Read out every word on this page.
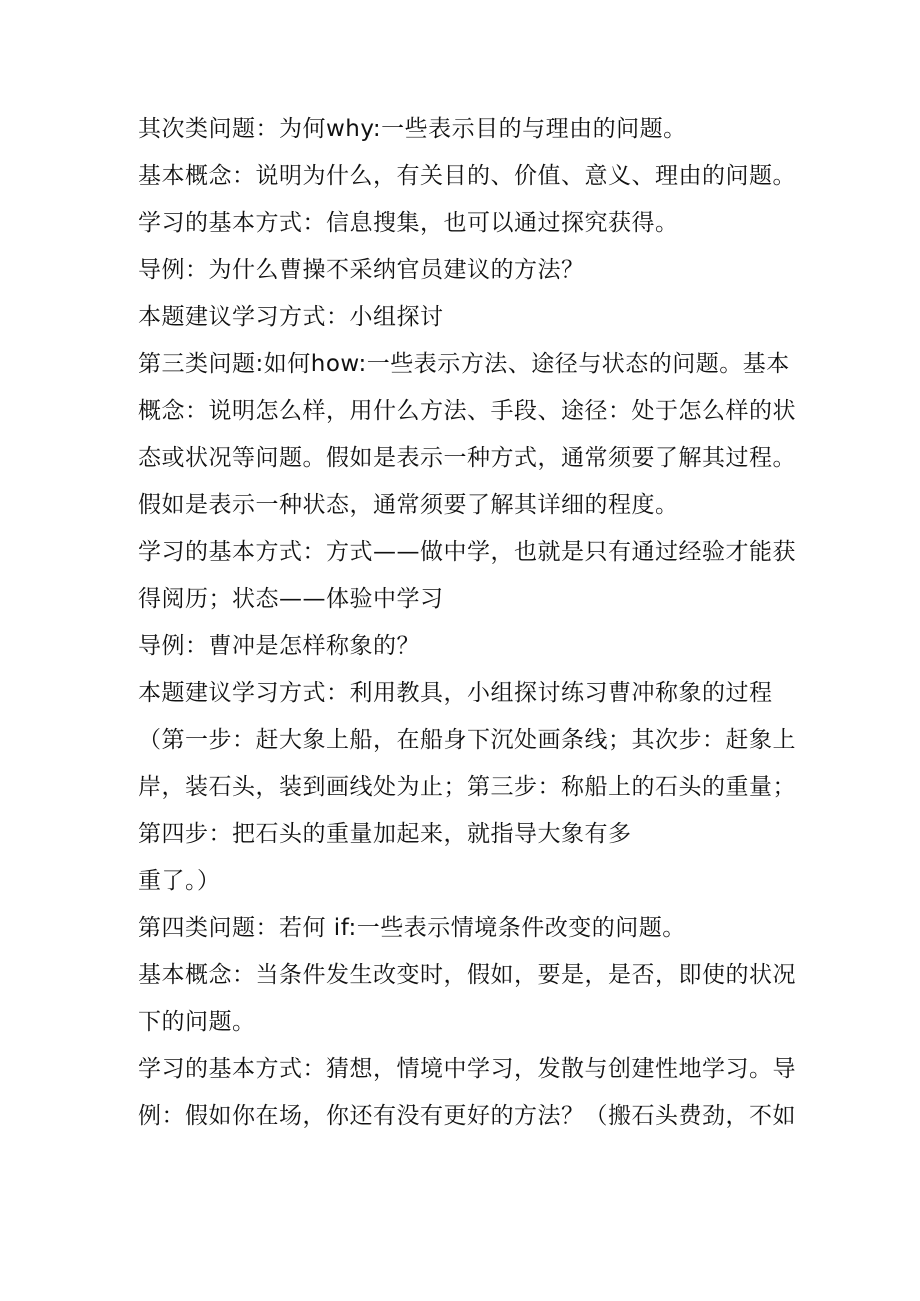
其次类问题：为何why:一些表示目的与理由的问题。
基本概念：说明为什么，有关目的、价值、意义、理由的问题。
学习的基本方式：信息搜集，也可以通过探究获得。
导例：为什么曹操不采纳官员建议的方法？
本题建议学习方式：小组探讨
第三类问题:如何how:一些表示方法、途径与状态的问题。基本
概念：说明怎么样，用什么方法、手段、途径：处于怎么样的状
态或状况等问题。假如是表示一种方式，通常须要了解其过程。
假如是表示一种状态，通常须要了解其详细的程度。
学习的基本方式：方式——做中学，也就是只有通过经验才能获
得阅历；状态——体验中学习
导例：曹冲是怎样称象的？
本题建议学习方式：利用教具，小组探讨练习曹冲称象的过程
（第一步：赶大象上船，在船身下沉处画条线；其次步：赶象上
岸，装石头，装到画线处为止；第三步：称船上的石头的重量；
第四步：把石头的重量加起来，就指导大象有多
重了。）
第四类问题：若何 if:一些表示情境条件改变的问题。
基本概念：当条件发生改变时，假如，要是，是否，即使的状况
下的问题。
学习的基本方式：猜想，情境中学习，发散与创建性地学习。导
例：假如你在场，你还有没有更好的方法？（搬石头费劲，不如
